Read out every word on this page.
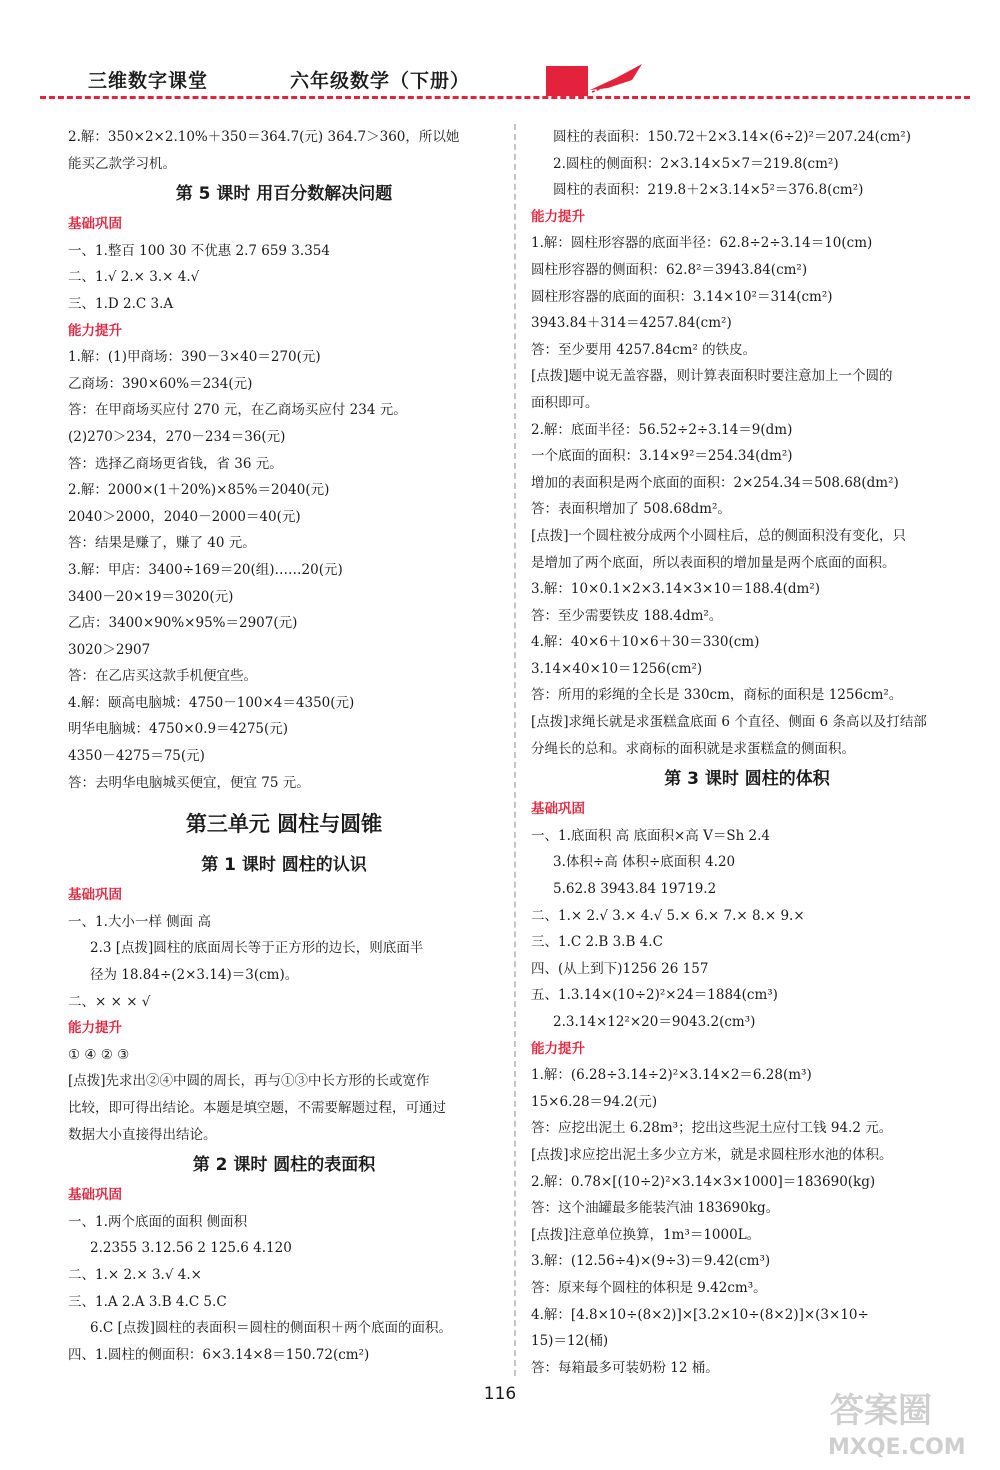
三维数字课堂	六年级数学（下册）
2.解：350×2×2.10%＋350＝364.7(元) 364.7＞360，所以她
能买乙款学习机。
第 5 课时 用百分数解决问题
基础巩固
一、1.整百 100 30 不优惠 2.7 659 3.354
二、1.√ 2.× 3.× 4.√
三、1.D 2.C 3.A
能力提升
1.解：(1)甲商场：390－3×40＝270(元)
乙商场：390×60%＝234(元)
答：在甲商场买应付 270 元，在乙商场买应付 234 元。
(2)270＞234，270－234＝36(元)
答：选择乙商场更省钱，省 36 元。
2.解：2000×(1＋20%)×85%＝2040(元)
2040＞2000，2040－2000＝40(元)
答：结果是赚了，赚了 40 元。
3.解：甲店：3400÷169＝20(组)……20(元)
3400－20×19＝3020(元)
乙店：3400×90%×95%＝2907(元)
3020＞2907
答：在乙店买这款手机便宜些。
4.解：颐高电脑城：4750－100×4＝4350(元)
明华电脑城：4750×0.9＝4275(元)
4350－4275＝75(元)
答：去明华电脑城买便宜，便宜 75 元。
第三单元 圆柱与圆锥
第 1 课时 圆柱的认识
基础巩固
一、1.大小一样 侧面 高
2.3 [点拨]圆柱的底面周长等于正方形的边长，则底面半
径为 18.84÷(2×3.14)＝3(cm)。
二、× × × √
能力提升
① ④ ② ③
[点拨]先求出②④中圆的周长，再与①③中长方形的长或宽作
比较，即可得出结论。本题是填空题，不需要解题过程，可通过
数据大小直接得出结论。
第 2 课时 圆柱的表面积
基础巩固
一、1.两个底面的面积 侧面积
2.2355 3.12.56 2 125.6 4.120
二、1.× 2.× 3.√ 4.×
三、1.A 2.A 3.B 4.C 5.C
6.C [点拨]圆柱的表面积＝圆柱的侧面积＋两个底面的面积。
四、1.圆柱的侧面积：6×3.14×8＝150.72(cm²)
圆柱的表面积：150.72＋2×3.14×(6÷2)²＝207.24(cm²)
2.圆柱的侧面积：2×3.14×5×7＝219.8(cm²)
圆柱的表面积：219.8＋2×3.14×5²＝376.8(cm²)
能力提升
1.解：圆柱形容器的底面半径：62.8÷2÷3.14＝10(cm)
圆柱形容器的侧面积：62.8²＝3943.84(cm²)
圆柱形容器的底面的面积：3.14×10²＝314(cm²)
3943.84＋314＝4257.84(cm²)
答：至少要用 4257.84cm² 的铁皮。
[点拨]题中说无盖容器，则计算表面积时要注意加上一个圆的
面积即可。
2.解：底面半径：56.52÷2÷3.14＝9(dm)
一个底面的面积：3.14×9²＝254.34(dm²)
增加的表面积是两个底面的面积：2×254.34＝508.68(dm²)
答：表面积增加了 508.68dm²。
[点拨]一个圆柱被分成两个小圆柱后，总的侧面积没有变化，只
是增加了两个底面，所以表面积的增加量是两个底面的面积。
3.解：10×0.1×2×3.14×3×10＝188.4(dm²)
答：至少需要铁皮 188.4dm²。
4.解：40×6＋10×6＋30＝330(cm)
3.14×40×10＝1256(cm²)
答：所用的彩绳的全长是 330cm，商标的面积是 1256cm²。
[点拨]求绳长就是求蛋糕盒底面 6 个直径、侧面 6 条高以及打结部
分绳长的总和。求商标的面积就是求蛋糕盒的侧面积。
第 3 课时 圆柱的体积
基础巩固
一、1.底面积 高 底面积×高 V＝Sh 2.4
3.体积÷高 体积÷底面积 4.20
5.62.8 3943.84 19719.2
二、1.× 2.√ 3.× 4.√ 5.× 6.× 7.× 8.× 9.×
三、1.C 2.B 3.B 4.C
四、(从上到下)1256 26 157
五、1.3.14×(10÷2)²×24＝1884(cm³)
2.3.14×12²×20＝9043.2(cm³)
能力提升
1.解：(6.28÷3.14÷2)²×3.14×2＝6.28(m³)
15×6.28＝94.2(元)
答：应挖出泥土 6.28m³；挖出这些泥土应付工钱 94.2 元。
[点拨]求应挖出泥土多少立方米，就是求圆柱形水池的体积。
2.解：0.78×[(10÷2)²×3.14×3×1000]＝183690(kg)
答：这个油罐最多能装汽油 183690kg。
[点拨]注意单位换算，1m³＝1000L。
3.解：(12.56÷4)×(9÷3)＝9.42(cm³)
答：原来每个圆柱的体积是 9.42cm³。
4.解：[4.8×10÷(8×2)]×[3.2×10÷(8×2)]×(3×10÷
15)＝12(桶)
答：每箱最多可装奶粉 12 桶。
116	答案圈
MXQE.COM
